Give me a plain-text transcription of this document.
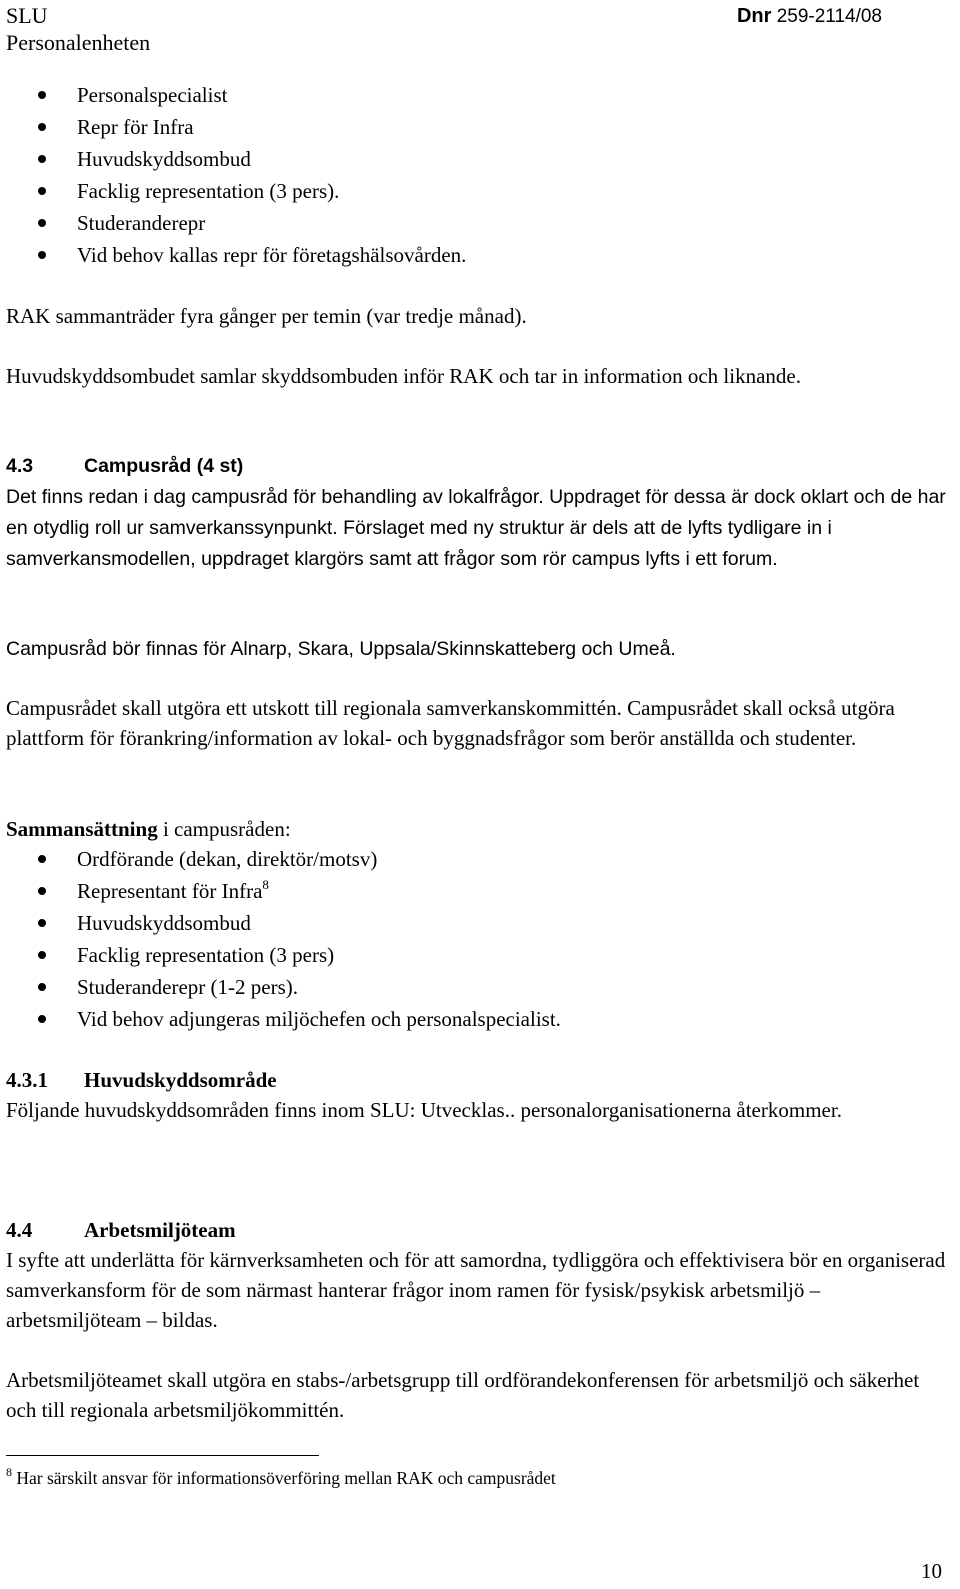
SLU
Personalenheten
Dnr 259-2114/08
Personalspecialist
Repr för Infra
Huvudskyddsombud
Facklig representation (3 pers).
Studeranderepr
Vid behov kallas repr för företagshälsovården.

RAK sammanträder fyra gånger per temin (var tredje månad).

Huvudskyddsombudet samlar skyddsombuden inför RAK och tar in information och liknande.

4.3	Campusråd (4 st)

Det finns redan i dag campusråd för behandling av lokalfrågor. Uppdraget för dessa är dock oklart och de har en otydlig roll ur samverkanssynpunkt. Förslaget med ny struktur är dels att de lyfts tydligare in i samverkansmodellen, uppdraget klargörs samt att frågor som rör campus lyfts i ett forum.

Campusråd bör finnas för Alnarp, Skara, Uppsala/Skinnskatteberg och Umeå.

Campusrådet skall utgöra ett utskott till regionala samverkanskommittén. Campusrådet skall också utgöra plattform för förankring/information av lokal- och byggnadsfrågor som berör anställda och studenter.

Sammansättning i campusråden:

Ordförande (dekan, direktör/motsv)
Representant för Infra$^8$
Huvudskyddsombud
Facklig representation (3 pers)
Studeranderepr (1-2 pers).
Vid behov adjungeras miljöchefen och personalspecialist.
4.3.1 Huvudskyddsområde

Följande huvudskyddsområden finns inom SLU: Utvecklas.. personalorganisationerna återkommer.

4.4 Arbetsmiljöteam

I syfte att underlätta för kärnverksamheten och för att samordna, tydliggöra och effektivisera bör en organiserad samverkansform för de som närmast hanterar frågor inom ramen för fysisk/psykisk arbetsmiljö – arbetsmiljöteam – bildas.

Arbetsmiljöteamet skall utgöra en stabs-/arbetsgrupp till ordförandekonferensen för arbetsmiljö och säkerhet och till regionala arbetsmiljökommittén.

$^8$ Har särskilt ansvar för informationsöverföring mellan RAK och campusrådet
10
